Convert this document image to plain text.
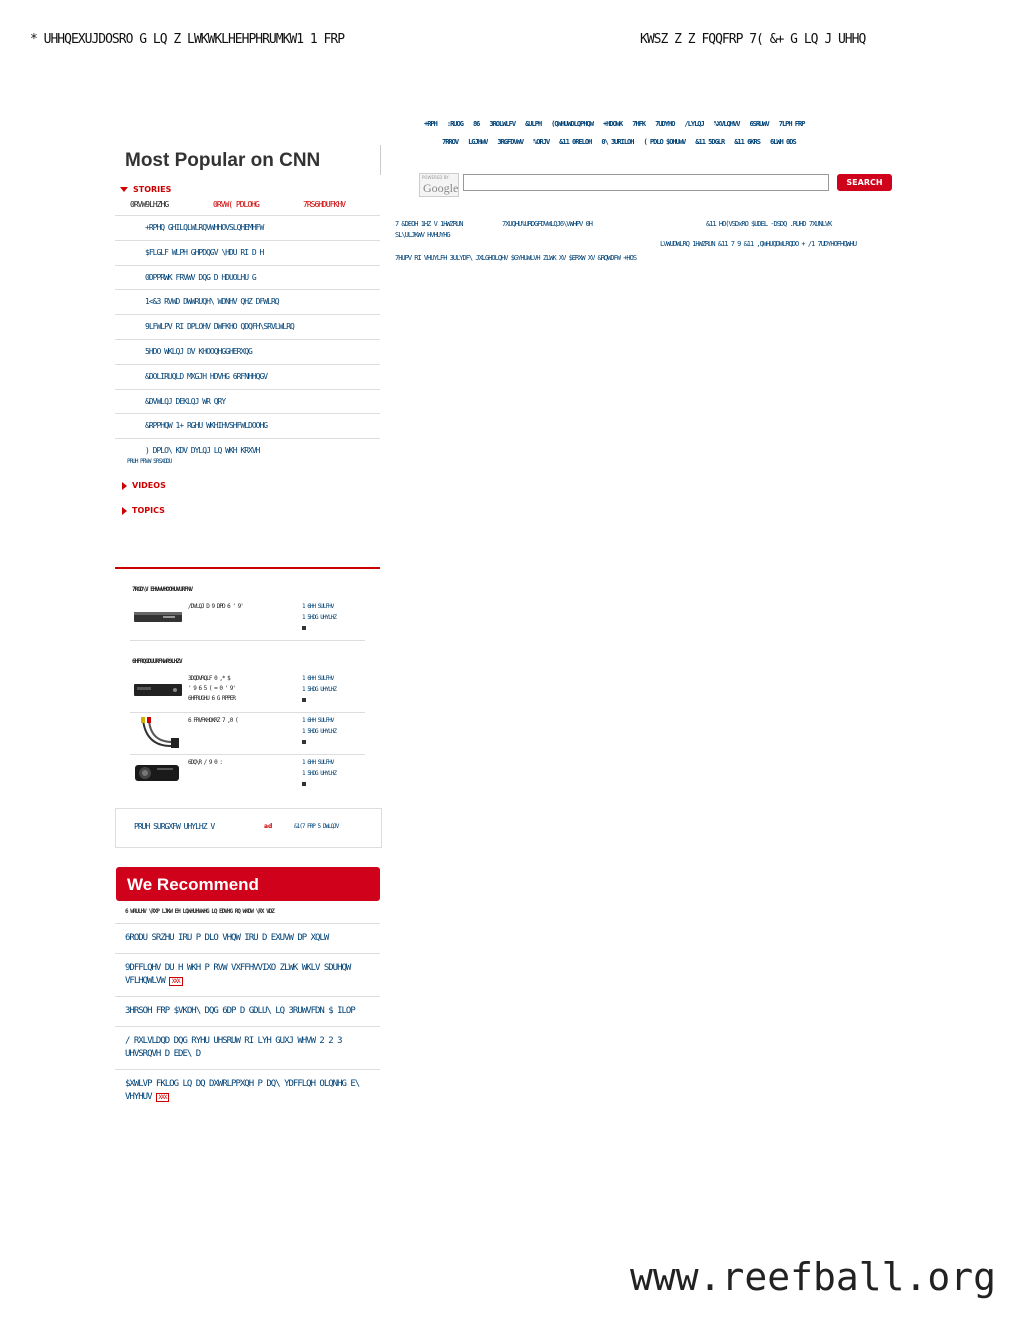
* UHHQEXUJDOSRO G LQ Z LWKWKLHEHPHRUMKW1 1 FRP	KWSZ Z Z FQQFRP 7( &+ G LQ J UHHQ
+RPH :RUOG 86 3ROLWLFV &ULPH (QWHUWDLQPHQW +HDOWK 7HFK 7UDYHO /LYLQJ %XVLQHVV 6SRUWV 7LPH FRP
7RROV LGJHWV 3RGFDVWV %ORJV &11 0RELOH 0\ 3URILOH ( PDLO $OHUWV &11 5DGLR &11 6KRS 6LWH 0DS
POWERED BY
Google	SEARCH
7 &DEOH 1HZ V 1HWZRUN	7XUQHU%URDGFDVWLQJ6\VWHPV 0H	&11 HO(VSDxRO $UDEL -DSDQ .RUHD 7XUNLVK
SL\ULJKWV HVHUYHG
LVWUDWLRQ 1HWZRUN &11 7 9 &11 ,QWHUQDWLRQDO + /1 7UDYHOFHQWHU
7HUPV RI VHUYLFH 3ULYDF\ JXLGHOLQHV $GYHUWLVH ZLWK XV $ERXW XV &RQWDFW +HOS
Most Popular on CNN
STORIES
0RVW9LHZHG	0RVW( PDLOHG	7RS6HDUFKHV
+RPHQ GHILQLWLRQVWHHOVSLQHEMHFW
$FLGLF WLPH GHPDQGV \HDU RI D H
0DPPRWK FRVWV DQG D HDUOLHU G
1<&3 RVWD DWWRUQH\ WDNHV QHZ DFWLRQ
9LFWLPV RI DPLOHV DWFKHO QDQFH\SRVLWLRQ
5HDO WKLQJ DV KHOOQHGGHERXQG
&DOLIRUQLD MXGJH HDVHG 6RFNHHQGV
&DVWLQJ DEKLQJ WR QRY
&RPPHQW 1+ RGHU WKHIHVSHFWLDOOHG
) DPLO\ KDV DYLQJ LQ WKH KRXVH
PRUH PRVW SRSXODU
VIDEOS
TOPICS
7RGD\V EHVWVHOOHUVURFNV
/DVLQJ D 9 DPD 6 ' 9'	1 6HH SULFHV
1 5HDG UHYLHZ
6HFRQGDUURFNWR9LHZV
3DQDVRQLF 0 ,* $
' 9 6 5 ( = 0 ' 9'
6HFRUGHU 6 G RPPER
1 6HH SULFHV
1 5HDG UHYLHZ
6 FRVFKHOKRZ 7 ,0 (	1 6HH SULFHV
1 5HDG UHYLHZ
6DQ\R / 9 0 :	1 6HH SULFHV
1 5HDG UHYLHZ
PRUH SURGXFW UHYLHZ V	ad	&1(7 FRP 5 DWLQJV
We Recommend
6 WRULHV \RXP LJKW EH LQWHUHVWHG LQ EDVHG RQ WKDW \RX VDZ
6RODU SRZHU IRU P DLO VHQW IRU D EXUVW DP XQLW
9DFFLQHV DU H WKH P RVW VXFFHVVIXO ZLWK WKLV SDUHQW VFLHQWLVW XXX
3HRSOH FRP $VKOH\ DQG 6DP D GDLU\ LQ 3RUWVFDN $ ILOP
/ RXLVLDQD DQG RYHU UHSRUW RI LYH GUXJ WHVW 2 2 3 UHVSRQVH D EDE\ D
$XWLVP FKLOG LQ DQ DXWRLPPXQH P DQ\ YDFFLQH OLQNHG E\ VHYHUV XXX
www.reefball.org
